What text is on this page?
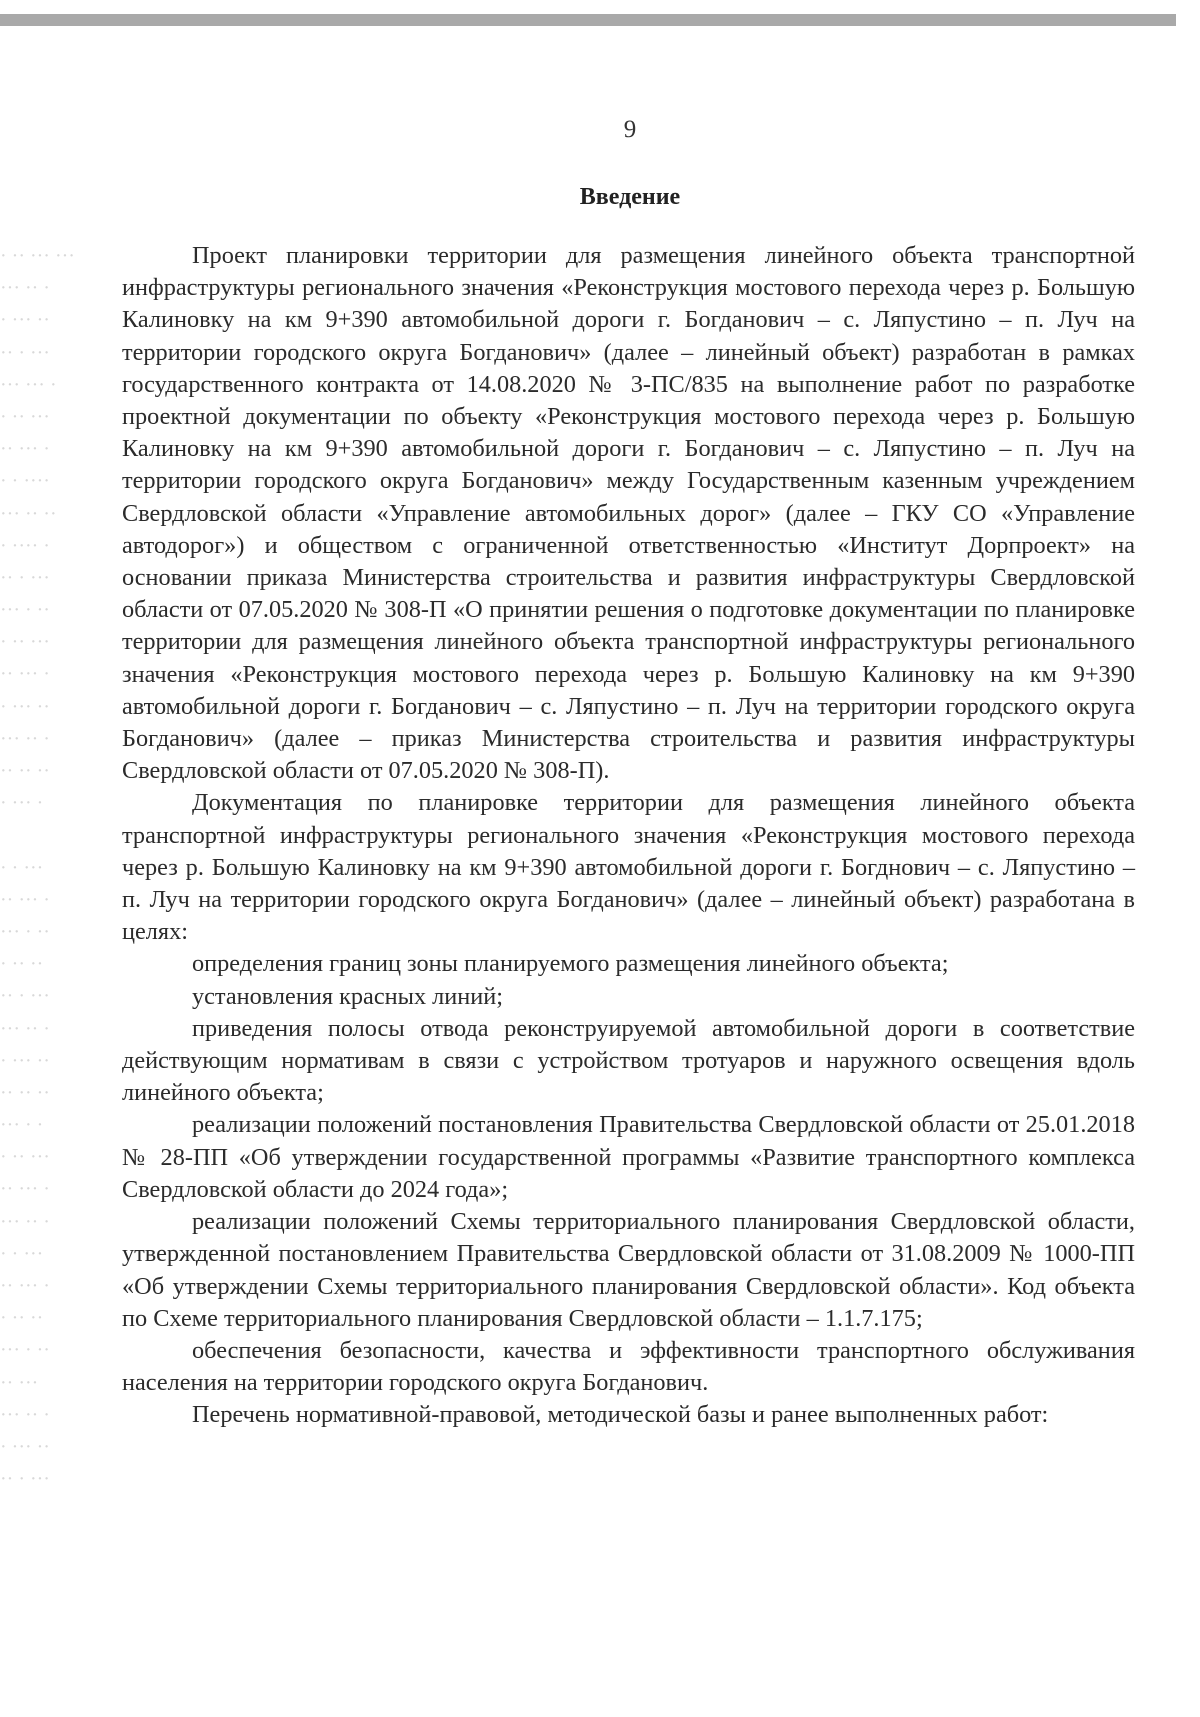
9
Введение
· ·· ··· ···
··· ·· ·
· ··· ··
·· · ···
··· ··· ·
· ·· ···
·· ··· ·
· · ····
··· ·· ··
· ···· ·
·· · ···
··· · ··
· ·· ···
·· ··· ·
· ··· ··
··· ·· ·
·· ·· ··
· ··· ·
· · ···
·· ··· ·
··· · ··
· ·· ··
·· · ···
··· ·· ·
· ··· ··
·· ·· ··
··· · ·
· ·· ···
·· ··· ·
··· ·· ·
· · ···
·· ··· ·
· ·· ··
··· · ··
·· ···
··· ·· ·
· ··· ··
·· · ···

Проект планировки территории для размещения линейного объекта транспортной инфраструктуры регионального значения «Реконструкция мостового перехода через р. Большую Калиновку на км 9+390 автомобильной дороги г. Богданович – с. Ляпустино – п. Луч на территории городского округа Богданович» (далее – линейный объект) разработан в рамках государственного контракта от 14.08.2020 № 3-ПС/835 на выполнение работ по разработке проектной документации по объекту «Реконструкция мостового перехода через р. Большую Калиновку на км 9+390 автомобильной дороги г. Богданович – с. Ляпустино – п. Луч на территории городского округа Богданович» между Государственным казенным учреждением Свердловской области «Управление автомобильных дорог» (далее – ГКУ СО «Управление автодорог») и обществом с ограниченной ответственностью «Институт Дорпроект» на основании приказа Министерства строительства и развития инфраструктуры Свердловской области от 07.05.2020 № 308-П «О принятии решения о подготовке документации по планировке территории для размещения линейного объекта транспортной инфраструктуры регионального значения «Реконструкция мостового перехода через р. Большую Калиновку на км 9+390 автомобильной дороги г. Богданович – с. Ляпустино – п. Луч на территории городского округа Богданович» (далее – приказ Министерства строительства и развития инфраструктуры Свердловской области от 07.05.2020 № 308-П).

Документация по планировке территории для размещения линейного объекта транспортной инфраструктуры регионального значения «Реконструкция мостового перехода через р. Большую Калиновку на км 9+390 автомобильной дороги г. Богднович – с. Ляпустино – п. Луч на территории городского округа Богданович» (далее – линейный объект) разработана в целях:

определения границ зоны планируемого размещения линейного объекта;
установления красных линий;
приведения полосы отвода реконструируемой автомобильной дороги в соответствие действующим нормативам в связи с устройством тротуаров и наружного освещения вдоль линейного объекта;
реализации положений постановления Правительства Свердловской области от 25.01.2018 № 28-ПП «Об утверждении государственной программы «Развитие транспортного комплекса Свердловской области до 2024 года»;
реализации положений Схемы территориального планирования Свердловской области, утвержденной постановлением Правительства Свердловской области от 31.08.2009 № 1000-ПП «Об утверждении Схемы территориального планирования Свердловской области». Код объекта по Схеме территориального планирования Свердловской области – 1.1.7.175;
обеспечения безопасности, качества и эффективности транспортного обслуживания населения на территории городского округа Богданович.

Перечень нормативной-правовой, методической базы и ранее выполненных работ:
